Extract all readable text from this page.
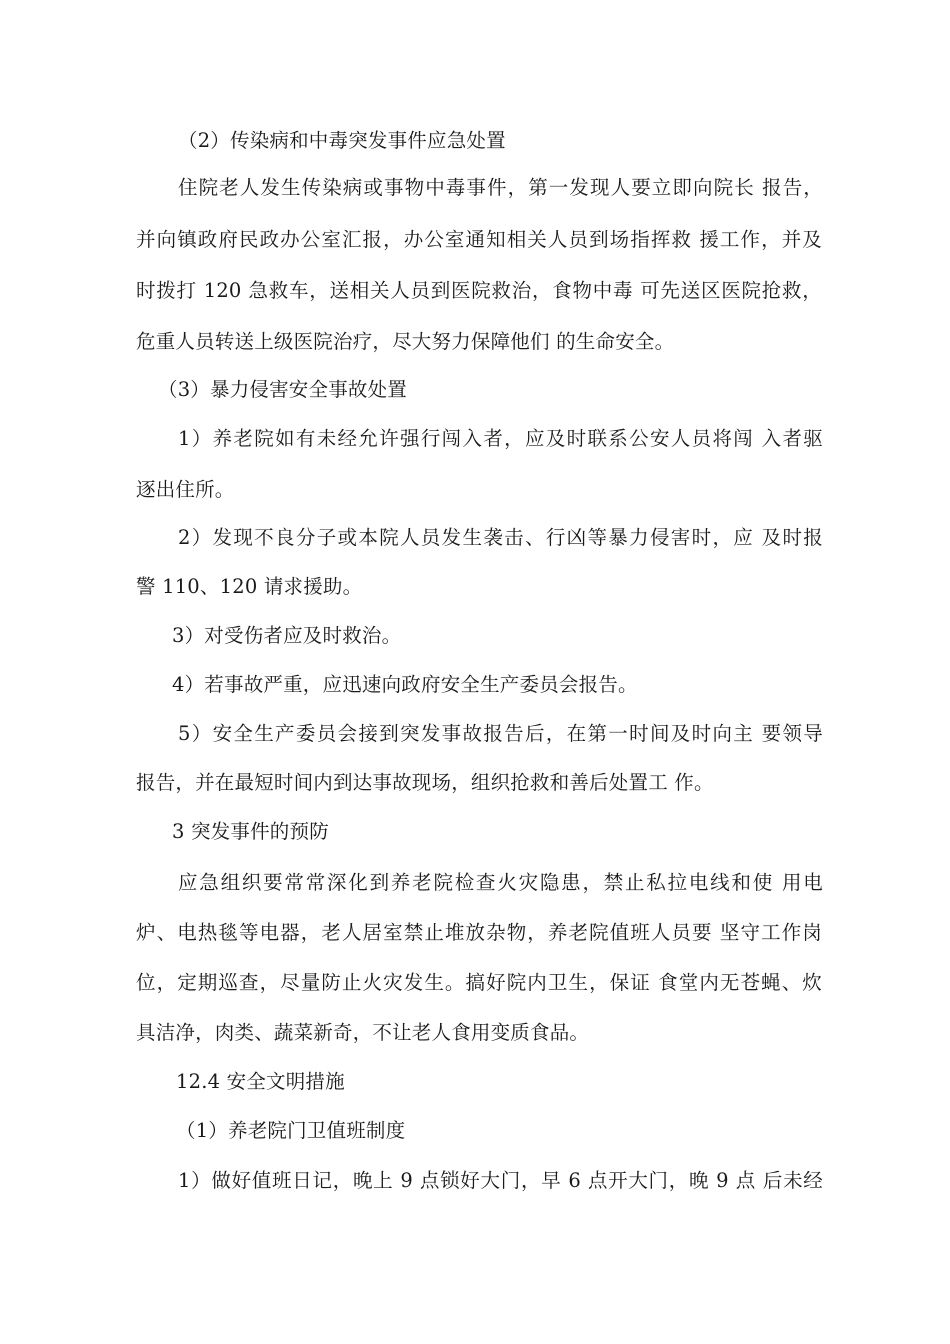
（2）传染病和中毒突发事件应急处置
住院老人发生传染病或事物中毒事件，第一发现人要立即向院长 报告，
并向镇政府民政办公室汇报，办公室通知相关人员到场指挥救 援工作，并及
时拨打 120 急救车，送相关人员到医院救治，食物中毒 可先送区医院抢救，
危重人员转送上级医院治疗，尽大努力保障他们 的生命安全。
（3）暴力侵害安全事故处置
1）养老院如有未经允许强行闯入者，应及时联系公安人员将闯 入者驱
逐出住所。
2）发现不良分子或本院人员发生袭击、行凶等暴力侵害时，应 及时报
警 110、120 请求援助。
3）对受伤者应及时救治。
4）若事故严重，应迅速向政府安全生产委员会报告。
5）安全生产委员会接到突发事故报告后，在第一时间及时向主 要领导
报告，并在最短时间内到达事故现场，组织抢救和善后处置工 作。
3 突发事件的预防
应急组织要常常深化到养老院检查火灾隐患，禁止私拉电线和使 用电
炉、电热毯等电器，老人居室禁止堆放杂物，养老院值班人员要 坚守工作岗
位，定期巡查，尽量防止火灾发生。搞好院内卫生，保证 食堂内无苍蝇、炊
具洁净，肉类、蔬菜新奇，不让老人食用变质食品。
12.4 安全文明措施
（1）养老院门卫值班制度
1）做好值班日记，晚上 9 点锁好大门，早 6 点开大门，晚 9 点 后未经
